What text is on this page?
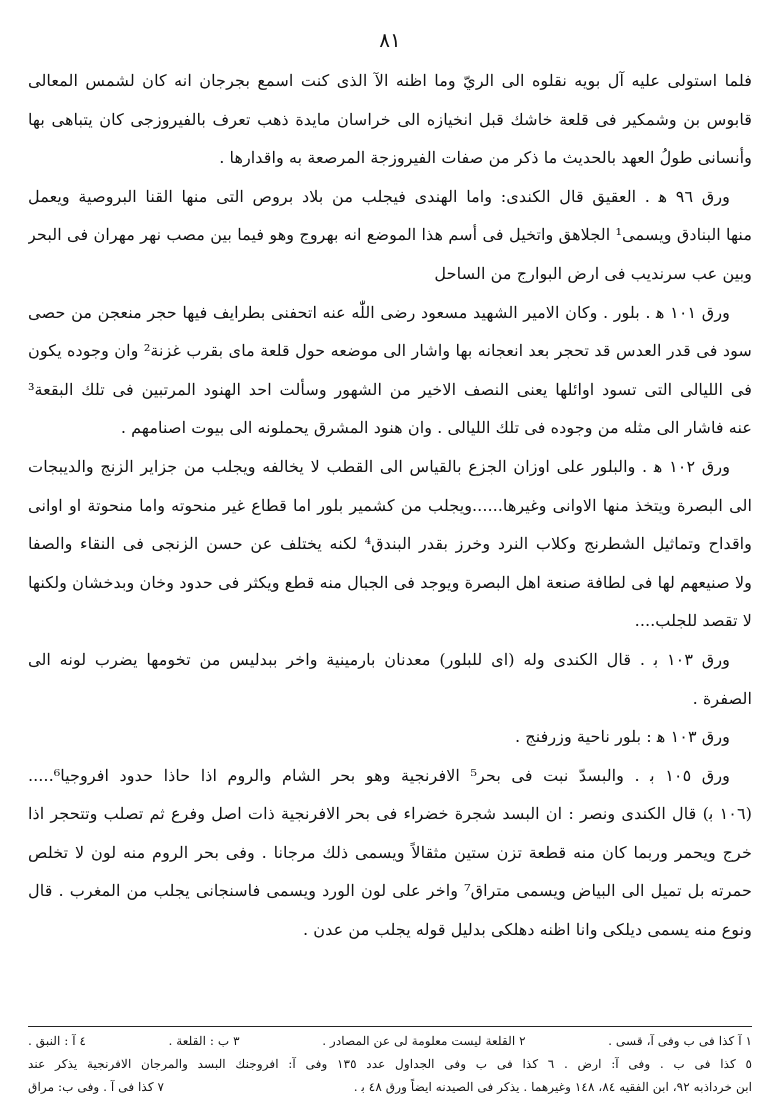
٨١
فلما استولى عليه آل بويه نقلوه الى الريّ وما اظنه الآ الذى كنت اسمع بجرجان انه كان لشمس المعالى
قابوس بن وشمكير فى قلعة خاشك قبل انخيازه الى خراسان مايدة ذهب تعرف بالفيروزجى كان يتباهى بها
وأنسانى طولُ العهد بالحديث ما ذكر من صفات الفيروزجة المرصعة به واقدارها .
ورق ٩٦ ﻫ . العقيق قال الكندى: واما الهندى فيجلب من بلاد بروص التى منها القنا البروصية ويعمل
منها البنادق ويسمى¹ الجلاهق واتخيل فى أسم هذا الموضع انه بهروج وهو فيما بين مصب نهر مهران فى البحر
وبين عب سرنديب فى ارض البوارج من الساحل
ورق ١٠١ ﻫ . بلور . وكان الامير الشهيد مسعود رضى اللّٰه عنه اتحفنى بطرايف فيها حجر منعجن من حصى
سود فى قدر العدس قد تحجر بعد انعجانه بها واشار الى موضعه حول قلعة ماى بقرب غزنة² وان وجوده يكون
فى الليالى التى تسود اوائلها يعنى النصف الاخير من الشهور وسألت احد الهنود المرتبين فى تلك البقعة³
عنه فاشار الى مثله من وجوده فى تلك الليالى . وان هنود المشرق يحملونه الى بيوت اصنامهم .
ورق ١٠٢ ﻫ . والبلور على اوزان الجزع بالقياس الى القطب لا يخالفه ويجلب من جزاير الزنج والديبجات
الى البصرة ويتخذ منها الاوانى وغيرها......ويجلب من كشمير بلور اما قطاع غير منحوته واما منحوتة او اوانى
واقداح وتماثيل الشطرنج وكلاب النرد وخرز بقدر البندق⁴ لكنه يختلف عن حسن الزنجى فى النقاء والصفا
ولا صنيعهم لها فى لطافة صنعة اهل البصرة ويوجد فى الجبال منه قطع ويكثر فى حدود وخان وبدخشان ولكنها
لا تقصد للجلب....
ورق ١٠٣ ﺑ . قال الكندى وله (اى للبلور) معدنان بارمينية واخر ببدليس من تخومها يضرب لونه الى
الصفرة .
ورق ١٠٣ ﻫ : بلور ناحية وزرفنج .
ورق ١٠٥ ﺑ . والبسدّ نبت فى بحر⁵ الافرنجية وهو بحر الشام والروم اذا حاذا حدود افروجيا⁶.....
(١٠٦ ﺑ) قال الكندى ونصر : ان البسد شجرة خضراء فى بحر الافرنجية ذات اصل وفرع ثم تصلب وتتحجر اذا
خرج ويحمر وربما كان منه قطعة تزن ستين مثقالاً ويسمى ذلك مرجانا . وفى بحر الروم منه لون لا تخلص
حمرته بل تميل الى البياض ويسمى متراق⁷ واخر على لون الورد ويسمى فاسنجانى يجلب من المغرب . قال
ونوع منه يسمى ديلكى وانا اظنه دهلكى بدليل قوله يجلب من عدن .
١ آ كذا فى ب وفى آ، قسى .
٢ القلعة ليست معلومة لى عن المصادر .
٣ ب : القلعة .
٤ آ : النبق .
٥ كذا فى ب . وفى آ: ارض . ٦ كذا فى ب وفى الجداول عدد ١٣٥ وفى آ: افروجنك البسد والمرجان الافرنجية يذكر عند
ابن خرداذبه ٩٢، ابن الفقيه ٨٤، ١٤٨ وغيرهما . يذكر فى الصيدنه ايضاً ورق ٤٨ ﺑ .
٧ كذا فى آ . وفى ب: مراق
